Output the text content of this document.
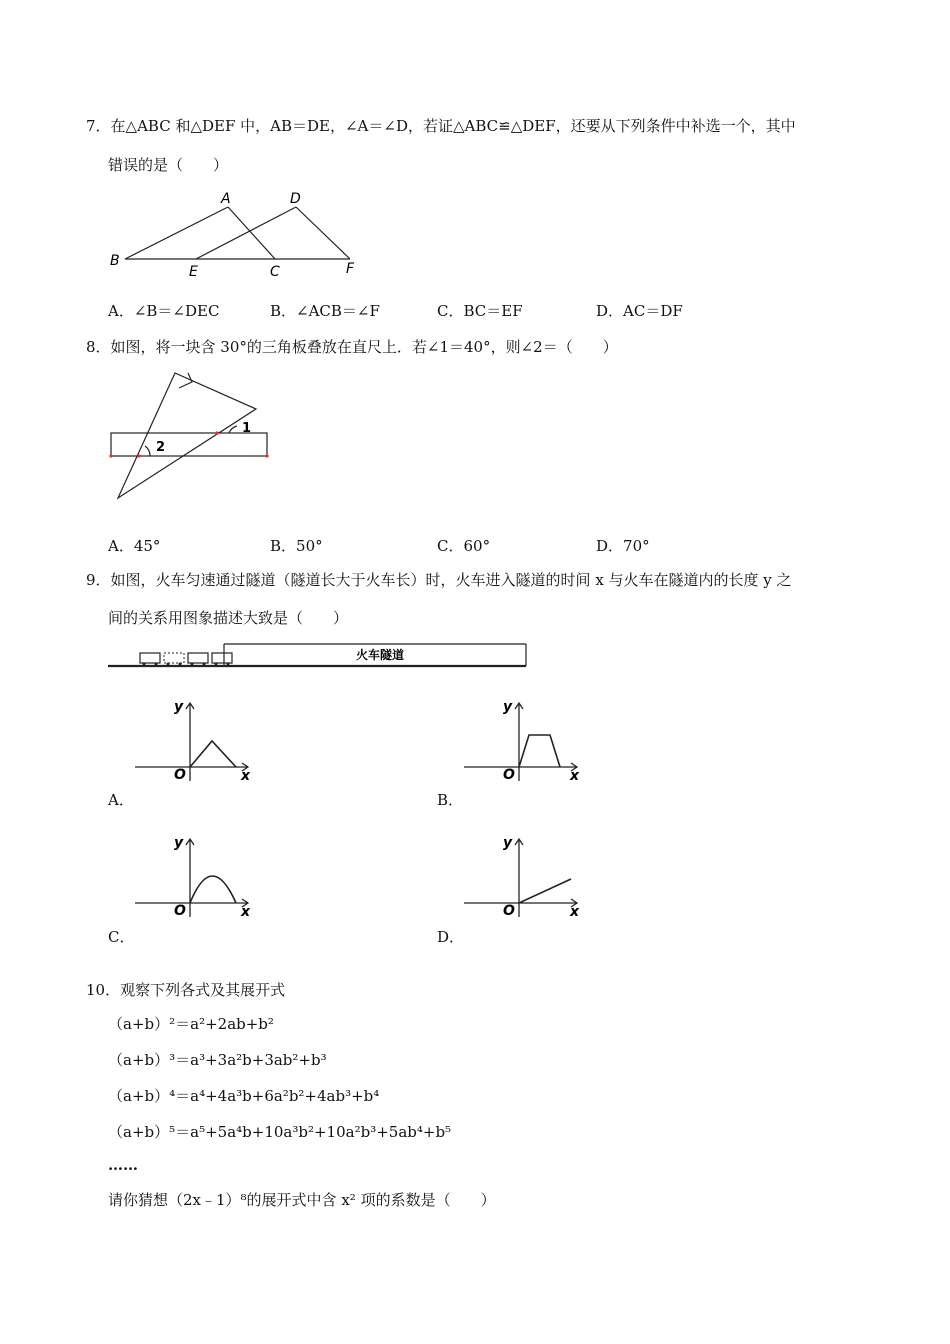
7．在△ABC 和△DEF 中，AB＝DE，∠A＝∠D，若证△ABC≌△DEF，还要从下列条件中补选一个，其中
错误的是（　　）
A	D
B
E	C	F
A．∠B＝∠DEC	B．∠ACB＝∠F	C．BC＝EF	D．AC＝DF
8．如图，将一块含 30°的三角板叠放在直尺上．若∠1＝40°，则∠2＝（　　）
1
2
A．45°	B．50°	C．60°	D．70°
9．如图，火车匀速通过隧道（隧道长大于火车长）时，火车进入隧道的时间 x 与火车在隧道内的长度 y 之
间的关系用图象描述大致是（　　）
火车隧道
y
x
O
A．
y
x
O
B．
y
x
O
C．
y
x
O
D．
10．观察下列各式及其展开式
（a+b）²＝a²+2ab+b²
（a+b）³＝a³+3a²b+3ab²+b³
（a+b）⁴＝a⁴+4a³b+6a²b²+4ab³+b⁴
（a+b）⁵＝a⁵+5a⁴b+10a³b²+10a²b³+5ab⁴+b⁵
……
请你猜想（2x﹣1）⁸的展开式中含 x² 项的系数是（　　）
